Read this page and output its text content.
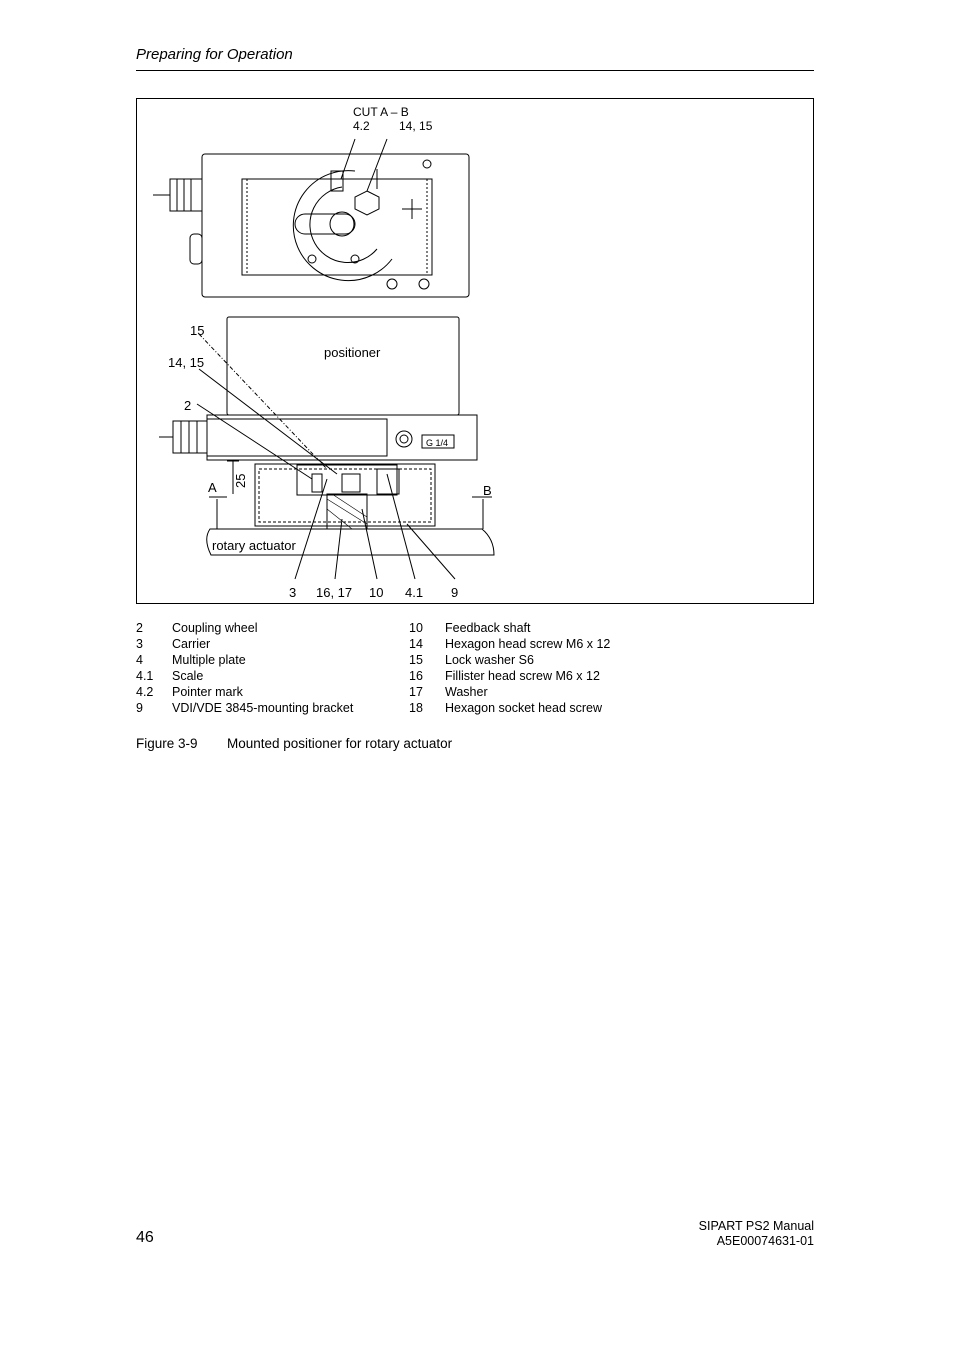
Preparing for Operation
CUT A – B
4.2 14, 15
15
14, 15
2
positioner
G 1/4
A	B
25
rotary actuator
3 16, 17 10 4.1 9
2 Coupling wheel
3 Carrier
4 Multiple plate
4.1 Scale
4.2 Pointer mark
9 VDI/VDE 3845-mounting bracket
10 Feedback shaft
14 Hexagon head screw M6 x 12
15 Lock washer S6
16 Fillister head screw M6 x 12
17 Washer
18 Hexagon socket head screw
Figure 3-9 Mounted positioner for rotary actuator
46
SIPART PS2 Manual
A5E00074631-01
